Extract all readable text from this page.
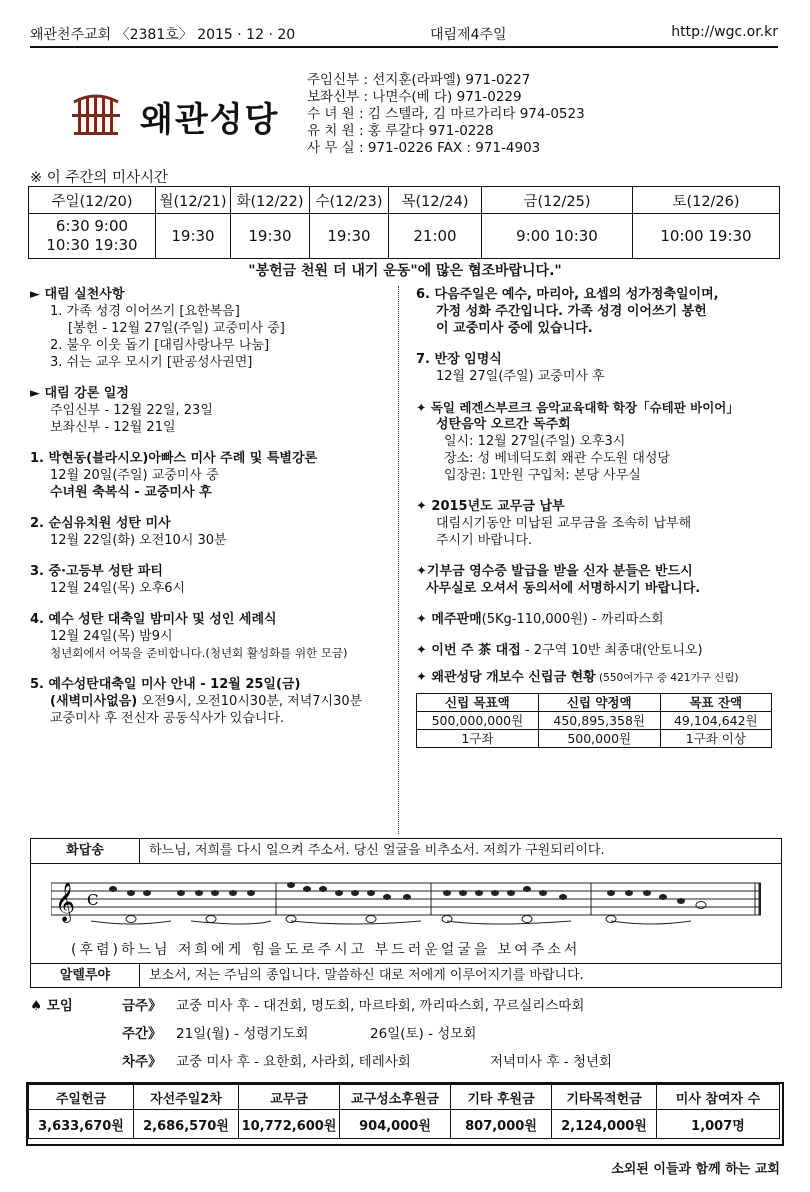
왜관천주교회 〈2381호〉 2015 · 12 · 20	대림제4주일	http://wgc.or.kr
왜관성당
주임신부 : 선지훈(라파엘) 971-0227
보좌신부 : 나면수(베 다) 971-0229
수 녀 원 : 김 스텔라, 김 마르가리타 974-0523
유 치 원 : 홍 루갈다 971-0228
사 무 실 : 971-0226 FAX : 971-4903
※ 이 주간의 미사시간
주일(12/20)	월(12/21)	화(12/22)	수(12/23)	목(12/24)	금(12/25)	토(12/26)

6:30 9:00
10:30 19:30	19:30	19:30	19:30	21:00	9:00 10:30	10:00 19:30
"봉헌금 천원 더 내기 운동"에 많은 협조바랍니다."
► 대림 실천사항
1. 가족 성경 이어쓰기 [요한복음]
[봉헌 - 12월 27일(주일) 교중미사 중]
2. 불우 이웃 돕기 [대림사랑나무 나눔]
3. 쉬는 교우 모시기 [판공성사권면]
► 대림 강론 일정
주임신부 - 12월 22일, 23일
보좌신부 - 12월 21일
1. 박현동(블라시오)아빠스 미사 주례 및 특별강론
12월 20일(주일) 교중미사 중
수녀원 축복식 - 교중미사 후
2. 순심유치원 성탄 미사
12월 22일(화) 오전10시 30분
3. 중·고등부 성탄 파티
12월 24일(목) 오후6시
4. 예수 성탄 대축일 밤미사 및 성인 세례식
12월 24일(목) 밤9시
청년회에서 어묵을 준비합니다.(청년회 활성화를 위한 모금)
5. 예수성탄대축일 미사 안내 - 12월 25일(금)
(새벽미사없음) 오전9시, 오전10시30분, 저녁7시30분
교중미사 후 전신자 공동식사가 있습니다.
6. 다음주일은 예수, 마리아, 요셉의 성가정축일이며,
가정 성화 주간입니다. 가족 성경 이어쓰기 봉헌
이 교중미사 중에 있습니다.
7. 반장 임명식
12월 27일(주일) 교중미사 후
✦ 독일 레겐스부르크 음악교육대학 학장「슈테판 바이어」
성탄음악 오르간 독주회
일시: 12월 27일(주일) 오후3시
장소: 성 베네딕도회 왜관 수도원 대성당
입장권: 1만원 구입처: 본당 사무실
✦ 2015년도 교무금 납부
대림시기동안 미납된 교무금을 조속히 납부해
주시기 바랍니다.
✦기부금 영수증 발급을 받을 신자 분들은 반드시
사무실로 오셔서 동의서에 서명하시기 바랍니다.
✦ 메주판매(5Kg-110,000원) - 까리따스회
✦ 이번 주 茶 대접 - 2구역 10반 최종대(안토니오)
✦ 왜관성당 개보수 신립금 현황 (550여가구 중 421가구 신립)
신립 목표액	신립 약정액	목표 잔액
500,000,000원	450,895,358원	49,104,642원
1구좌	500,000원	1구좌 이상
화답송	하느님, 저희를 다시 일으켜 주소서. 당신 얼굴을 비추소서. 저희가 구원되리이다.
𝄞 C
(후렴)하느님 저희에게 힘을도로주시고 부드러운얼굴을 보여주소서
알렐루야	보소서, 저는 주님의 종입니다. 말씀하신 대로 저에게 이루어지기를 바랍니다.
♠ 모임	금주》 교중 미사 후 - 대건회, 명도회, 마르타회, 까리따스회, 꾸르실리스따회
주간》 21일(월) - 성령기도회	26일(토) - 성모회
차주》 교중 미사 후 - 요한회, 사라회, 테레사회	저녁미사 후 - 청년회
주일헌금	자선주일2차	교무금	교구성소후원금	기타 후원금	기타목적헌금	미사 참여자 수
3,633,670원	2,686,570원	10,772,600원	904,000원	807,000원	2,124,000원	1,007명
소외된 이들과 함께 하는 교회
